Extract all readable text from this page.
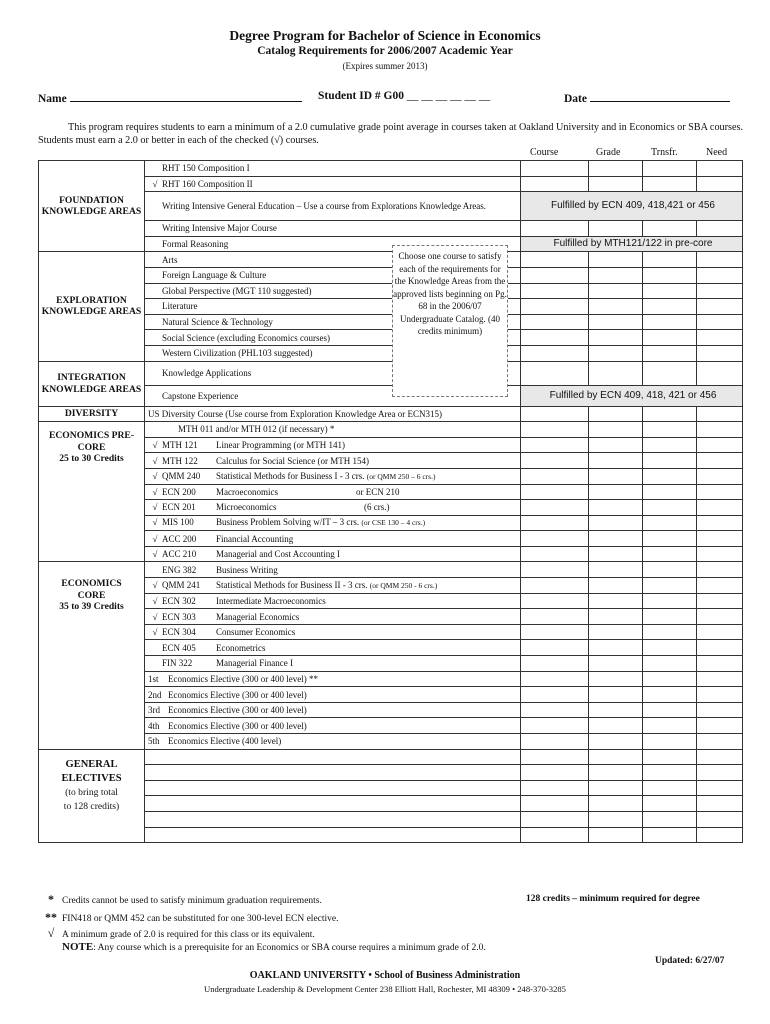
Degree Program for Bachelor of Science in Economics
Catalog Requirements for 2006/2007 Academic Year
(Expires summer 2013)
Name	Student ID # G00 __ __ __ __ __ __	Date
This program requires students to earn a minimum of a 2.0 cumulative grade point average in courses taken at Oakland University and in Economics or SBA courses. Students must earn a 2.0 or better in each of the checked (√) courses.
Course	Grade	Trnsfr.	Need
FOUNDATION KNOWLEDGE AREAS	RHT 150 Composition I				
	√ RHT 160 Composition II				
	Writing Intensive General Education – Use a course from Explorations Knowledge Areas.	Fulfilled by ECN 409, 418,421 or 456			
	Writing Intensive Major Course				
	Formal Reasoning	Fulfilled by MTH121/122 in pre-core			
EXPLORATION KNOWLEDGE AREAS	Arts				
	Foreign Language & Culture				
	Global Perspective (MGT 110 suggested)				
	Literature				
	Natural Science & Technology				
	Social Science (excluding Economics courses)				
	Western Civilization (PHL103 suggested)				
INTEGRATION KNOWLEDGE AREAS	Knowledge Applications				
	Capstone Experience	Fulfilled by ECN 409, 418, 421 or 456			
DIVERSITY	US Diversity Course (Use course from Exploration Knowledge Area or ECN315)				

ECONOMICS PRE-CORE
25 to 30 Credits	MTH 011 and/or MTH 012 (if necessary) *				
	√ MTH 121 Linear Programming (or MTH 141)				
	√ MTH 122 Calculus for Social Science (or MTH 154)				
	√ QMM 240 Statistical Methods for Business I - 3 crs. (or QMM 250 – 6 crs.)				
	√ ECN 200 Macroeconomics or ECN 210				
	√ ECN 201 Microeconomics (6 crs.)				
	√ MIS 100 Business Problem Solving w/IT – 3 crs. (or CSE 130 – 4 crs.)				
	√ ACC 200 Financial Accounting				
	√ ACC 210 Managerial and Cost Accounting I				

ECONOMICS CORE
35 to 39 Credits	ENG 382 Business Writing				
	√ QMM 241 Statistical Methods for Business II - 3 crs. (or QMM 250 - 6 crs.)				
	√ ECN 302 Intermediate Macroeconomics				
	√ ECN 303 Managerial Economics				
	√ ECN 304 Consumer Economics				
	ECN 405 Econometrics				
	FIN 322 Managerial Finance I				
	1st Economics Elective (300 or 400 level) **				
	2nd Economics Elective (300 or 400 level)				
	3rd Economics Elective (300 or 400 level)				
	4th Economics Elective (300 or 400 level)				
	5th Economics Elective (400 level)				

GENERAL ELECTIVES
(to bring total
to 128 credits)					

Choose one course to satisfy each of the requirements for the Knowledge Areas from the approved lists beginning on Pg. 68 in the 2006/07 Undergraduate Catalog. (40 credits minimum)
* Credits cannot be used to satisfy minimum graduation requirements.	128 credits – minimum required for degree
** FIN418 or QMM 452 can be substituted for one 300-level ECN elective.
√ A minimum grade of 2.0 is required for this class or its equivalent.
NOTE: Any course which is a prerequisite for an Economics or SBA course requires a minimum grade of 2.0.
Updated: 6/27/07
OAKLAND UNIVERSITY • School of Business Administration
Undergraduate Leadership & Development Center 238 Elliott Hall, Rochester, MI 48309 • 248-370-3285
